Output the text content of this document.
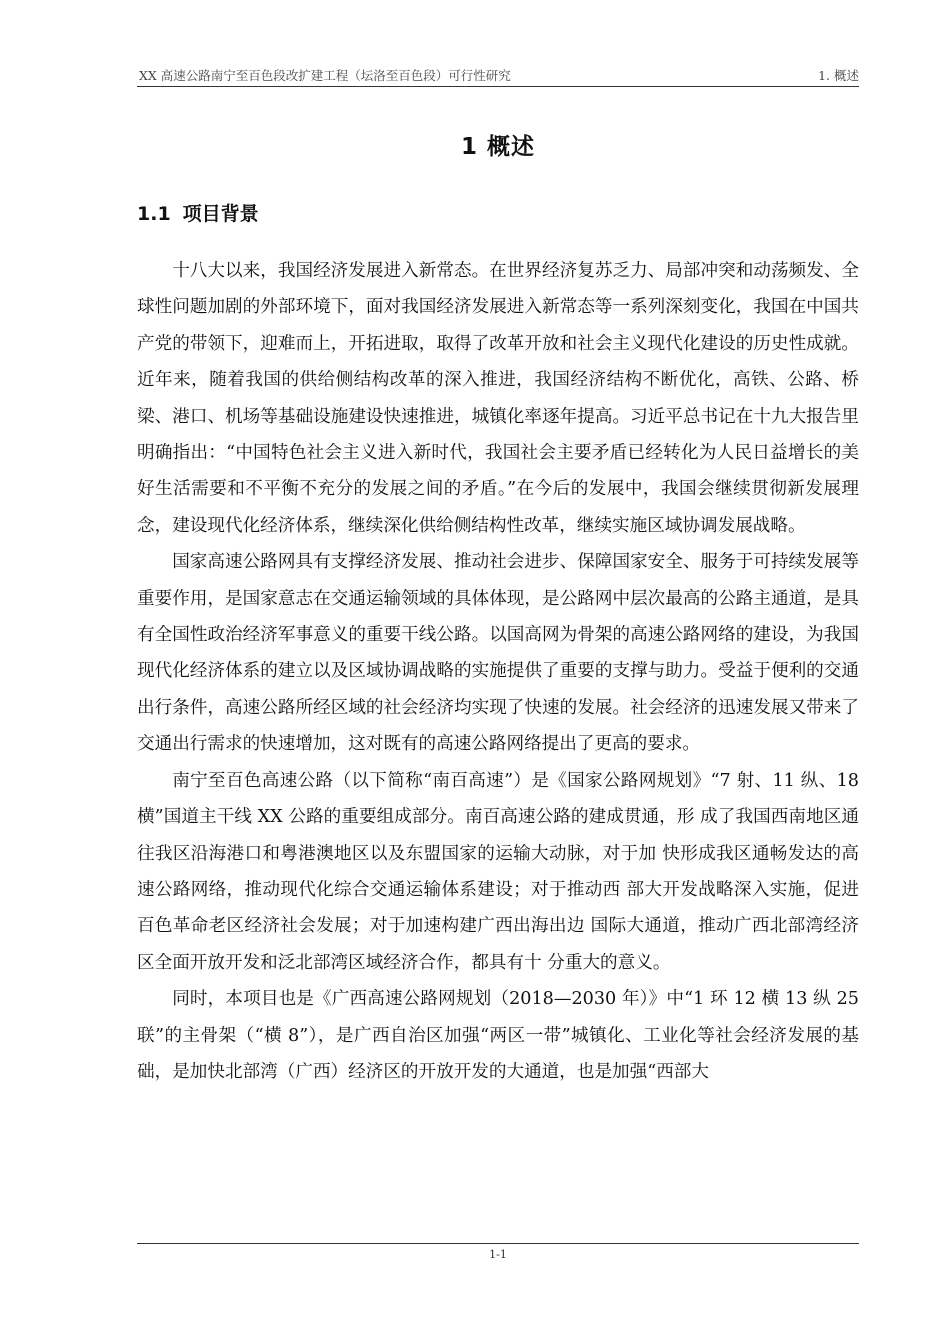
XX 高速公路南宁至百色段改扩建工程（坛洛至百色段）可行性研究	1. 概述
1 概述
1.1 项目背景

十八大以来，我国经济发展进入新常态。在世界经济复苏乏力、局部冲突和动荡频发、全球性问题加剧的外部环境下，面对我国经济发展进入新常态等一系列深刻变化，我国在中国共产党的带领下，迎难而上，开拓进取，取得了改革开放和社会主义现代化建设的历史性成就。近年来，随着我国的供给侧结构改革的深入推进，我国经济结构不断优化，高铁、公路、桥梁、港口、机场等基础设施建设快速推进，城镇化率逐年提高。习近平总书记在十九大报告里明确指出：“中国特色社会主义进入新时代，我国社会主要矛盾已经转化为人民日益增长的美好生活需要和不平衡不充分的发展之间的矛盾。”在今后的发展中，我国会继续贯彻新发展理念，建设现代化经济体系，继续深化供给侧结构性改革，继续实施区域协调发展战略。

国家高速公路网具有支撑经济发展、推动社会进步、保障国家安全、服务于可持续发展等重要作用，是国家意志在交通运输领域的具体体现，是公路网中层次最高的公路主通道，是具有全国性政治经济军事意义的重要干线公路。以国高网为骨架的高速公路网络的建设，为我国现代化经济体系的建立以及区域协调战略的实施提供了重要的支撑与助力。受益于便利的交通出行条件，高速公路所经区域的社会经济均实现了快速的发展。社会经济的迅速发展又带来了交通出行需求的快速增加，这对既有的高速公路网络提出了更高的要求。

南宁至百色高速公路（以下简称“南百高速”）是《国家公路网规划》“7 射、11 纵、18 横”国道主干线 XX 公路的重要组成部分。南百高速公路的建成贯通，形 成了我国西南地区通往我区沿海港口和粤港澳地区以及东盟国家的运输大动脉，对于加 快形成我区通畅发达的高速公路网络，推动现代化综合交通运输体系建设；对于推动西 部大开发战略深入实施，促进百色革命老区经济社会发展；对于加速构建广西出海出边 国际大通道，推动广西北部湾经济区全面开放开发和泛北部湾区域经济合作，都具有十 分重大的意义。

同时，本项目也是《广西高速公路网规划（2018—2030 年）》中“1 环 12 横 13 纵 25 联”的主骨架（“横 8”），是广西自治区加强“两区一带”城镇化、工业化等社会经济发展的基础，是加快北部湾（广西）经济区的开放开发的大通道，也是加强“西部大

1-1
